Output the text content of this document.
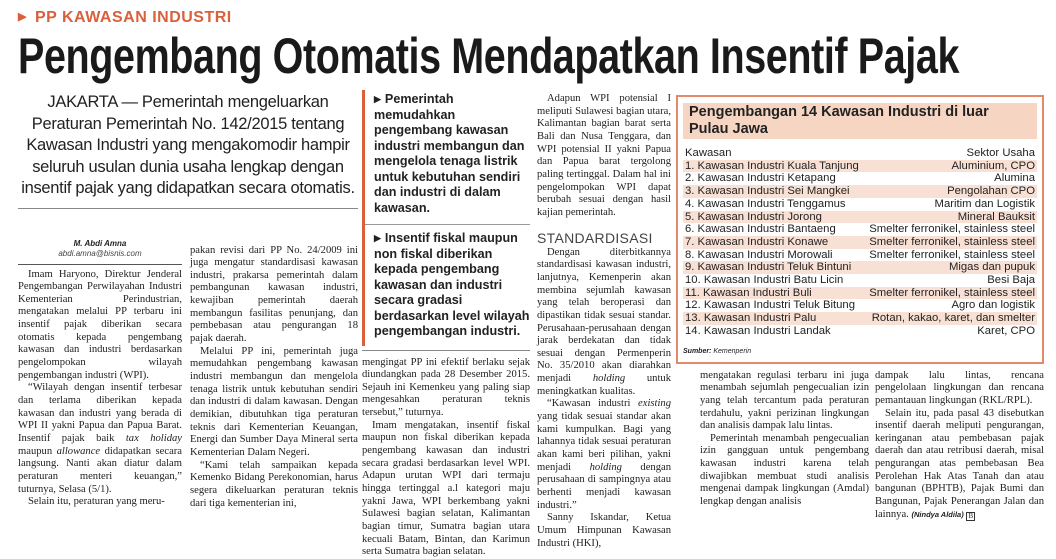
▶ PP KAWASAN INDUSTRI
Pengembang Otomatis Mendapatkan Insentif Pajak
JAKARTA — Pemerintah mengeluarkan Peraturan Pemerintah No. 142/2015 tentang Kawasan Industri yang mengakomodir hampir seluruh usulan dunia usaha lengkap dengan insentif pajak yang didapatkan secara otomatis.
M. Abdi Amna
abdi.amna@bisnis.com

Imam Haryono, Direktur Jenderal Pengembangan Perwilayahan Industri Kementerian Perindustrian, mengatakan melalui PP terbaru ini insentif pajak diberikan secara otomatis kepada pengembang kawasan dan industri berdasarkan pengelompokan wilayah pengembangan industri (WPI).

“Wilayah dengan insentif terbesar dan terlama diberikan kepada kawasan dan industri yang berada di WPI II yakni Papua dan Papua Barat. Insentif pajak baik tax holiday maupun allowance didapatkan secara langsung. Nanti akan diatur dalam peraturan menteri keuangan,” tuturnya, Selasa (5/1).

Selain itu, peraturan yang meru-

pakan revisi dari PP No. 24/2009 ini juga mengatur standardisasi kawasan industri, prakarsa pemerintah dalam pembangunan kawasan industri, kewajiban pemerintah daerah membangun fasilitas penunjang, dan pembebasan atau pengurangan 18 pajak daerah.

Melalui PP ini, pemerintah juga memudahkan pengembang kawasan industri membangun dan mengelola tenaga listrik untuk kebutuhan sendiri dan industri di dalam kawasan. Dengan demikian, dibutuhkan tiga peraturan teknis dari Kementerian Keuangan, Energi dan Sumber Daya Mineral serta Kementerian Dalam Negeri.

“Kami telah sampaikan kepada Kemenko Bidang Perekonomian, harus segera dikeluarkan peraturan teknis dari tiga kementerian ini,

▶ Pemerintah memudahkan pengembang kawasan industri membangun dan mengelola tenaga listrik untuk kebutuhan sendiri dan industri di dalam kawasan.
▶ Insentif fiskal maupun non fiskal diberikan kepada pengembang kawasan dan industri secara gradasi berdasarkan level wilayah pengembangan industri.

mengingat PP ini efektif berlaku sejak diundangkan pada 28 Desember 2015. Sejauh ini Kemenkeu yang paling siap mengesahkan peraturan teknis tersebut,” tuturnya.

Imam mengatakan, insentif fiskal maupun non fiskal diberikan kepada pengembang kawasan dan industri secara gradasi berdasarkan level WPI. Adapun urutan WPI dari termaju hingga tertinggal a.l kategori maju yakni Jawa, WPI berkembang yakni Sulawesi bagian selatan, Kalimantan bagian timur, Sumatra bagian utara kecuali Batam, Bintan, dan Karimun serta Sumatra bagian selatan.

Adapun WPI potensial I meliputi Sulawesi bagian utara, Kalimantan bagian barat serta Bali dan Nusa Tenggara, dan WPI potensial II yakni Papua dan Papua barat tergolong paling tertinggal. Dalam hal ini pengelompokan WPI dapat berubah sesuai dengan hasil kajian pemerintah.

STANDARDISASI

Dengan diterbitkannya standardisasi kawasan industri, lanjutnya, Kemenperin akan membina sejumlah kawasan yang telah beroperasi dan dipastikan tidak sesuai standar. Perusahaan-perusahaan dengan jarak berdekatan dan tidak sesuai dengan Permenperin No. 35/2010 akan diarahkan menjadi holding untuk meningkatkan kualitas.

“Kawasan industri existing yang tidak sesuai standar akan kami kumpulkan. Bagi yang lahannya tidak sesuai peraturan akan kami beri pilihan, yakni menjadi holding dengan perusahaan di sampingnya atau berhenti menjadi kawasan industri.”

Sanny Iskandar, Ketua Umum Himpunan Kawasan Industri (HKI),

Pengembangan 14 Kawasan Industri di luar Pulau Jawa
Kawasan	Sektor Usaha
1. Kawasan Industri Kuala Tanjung	Aluminium, CPO
2. Kawasan Industri Ketapang	Alumina
3. Kawasan Industri Sei Mangkei	Pengolahan CPO
4. Kawasan Industri Tenggamus	Maritim dan Logistik
5. Kawasan Industri Jorong	Mineral Bauksit
6. Kawasan Industri Bantaeng	Smelter ferronikel, stainless steel
7. Kawasan Industri Konawe	Smelter ferronikel, stainless steel
8. Kawasan Industri Morowali	Smelter ferronikel, stainless steel
9. Kawasan Industri Teluk Bintuni	Migas dan pupuk
10. Kawasan Industri Batu Licin	Besi Baja
11. Kawasan Industri Buli	Smelter ferronikel, stainless steel
12. Kawasan Industri Teluk Bitung	Agro dan logistik
13. Kawasan Industri Palu	Rotan, kakao, karet, dan smelter
14. Kawasan Industri Landak	Karet, CPO
Sumber: Kemenperin

mengatakan regulasi terbaru ini juga menambah sejumlah pengecualian izin yang telah tercantum pada peraturan terdahulu, yakni perizinan lingkungan dan analisis dampak lalu lintas.

Pemerintah menambah pengecualian izin gangguan untuk pengembang kawasan industri karena telah diwajibkan membuat studi analisis mengenai dampak lingkungan (Amdal) lengkap dengan analisis

dampak lalu lintas, rencana pengelolaan lingkungan dan rencana pemantauan lingkungan (RKL/RPL).

Selain itu, pada pasal 43 disebutkan insentif daerah meliputi pengurangan, keringanan atau pembebasan pajak daerah dan atau retribusi daerah, misal pengurangan atas pembebasan Bea Perolehan Hak Atas Tanah dan atau bangunan (BPHTB), Pajak Bumi dan Bangunan, Pajak Penerangan Jalan dan lainnya. (Nindya Aldila) B
